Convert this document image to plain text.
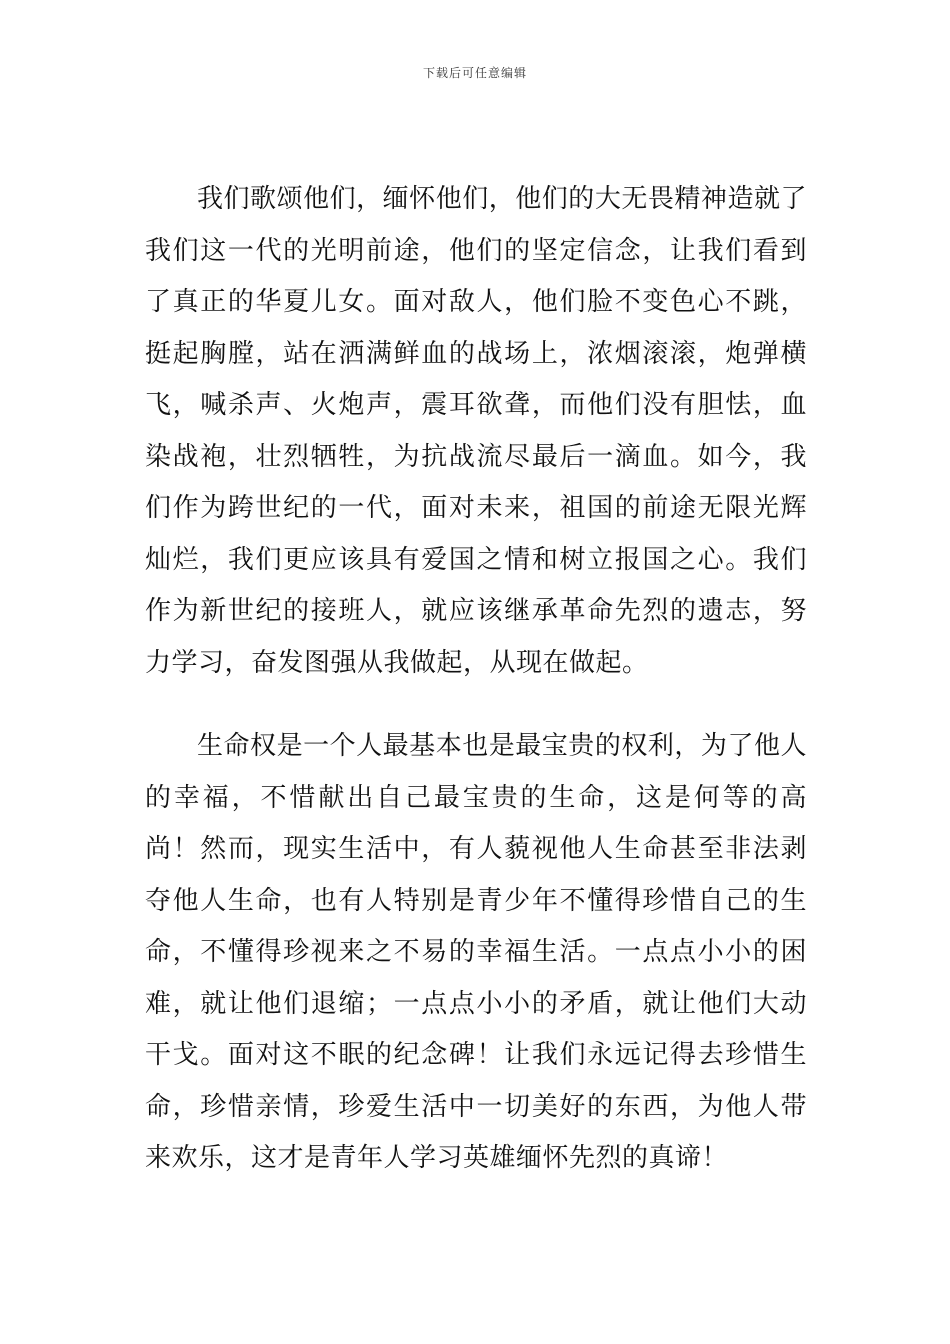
下载后可任意编辑

我们歌颂他们，缅怀他们，他们的大无畏精神造就了我们这一代的光明前途，他们的坚定信念，让我们看到了真正的华夏儿女。面对敌人，他们脸不变色心不跳，挺起胸膛，站在洒满鲜血的战场上，浓烟滚滚，炮弹横飞，喊杀声、火炮声，震耳欲聋，而他们没有胆怯，血染战袍，壮烈牺牲，为抗战流尽最后一滴血。如今，我们作为跨世纪的一代，面对未来，祖国的前途无限光辉灿烂，我们更应该具有爱国之情和树立报国之心。我们作为新世纪的接班人，就应该继承革命先烈的遗志，努力学习，奋发图强从我做起，从现在做起。

生命权是一个人最基本也是最宝贵的权利，为了他人的幸福，不惜献出自己最宝贵的生命，这是何等的高尚！然而，现实生活中，有人藐视他人生命甚至非法剥夺他人生命，也有人特别是青少年不懂得珍惜自己的生命，不懂得珍视来之不易的幸福生活。一点点小小的困难，就让他们退缩；一点点小小的矛盾，就让他们大动干戈。面对这不眠的纪念碑！让我们永远记得去珍惜生命，珍惜亲情，珍爱生活中一切美好的东西，为他人带来欢乐，这才是青年人学习英雄缅怀先烈的真谛！
